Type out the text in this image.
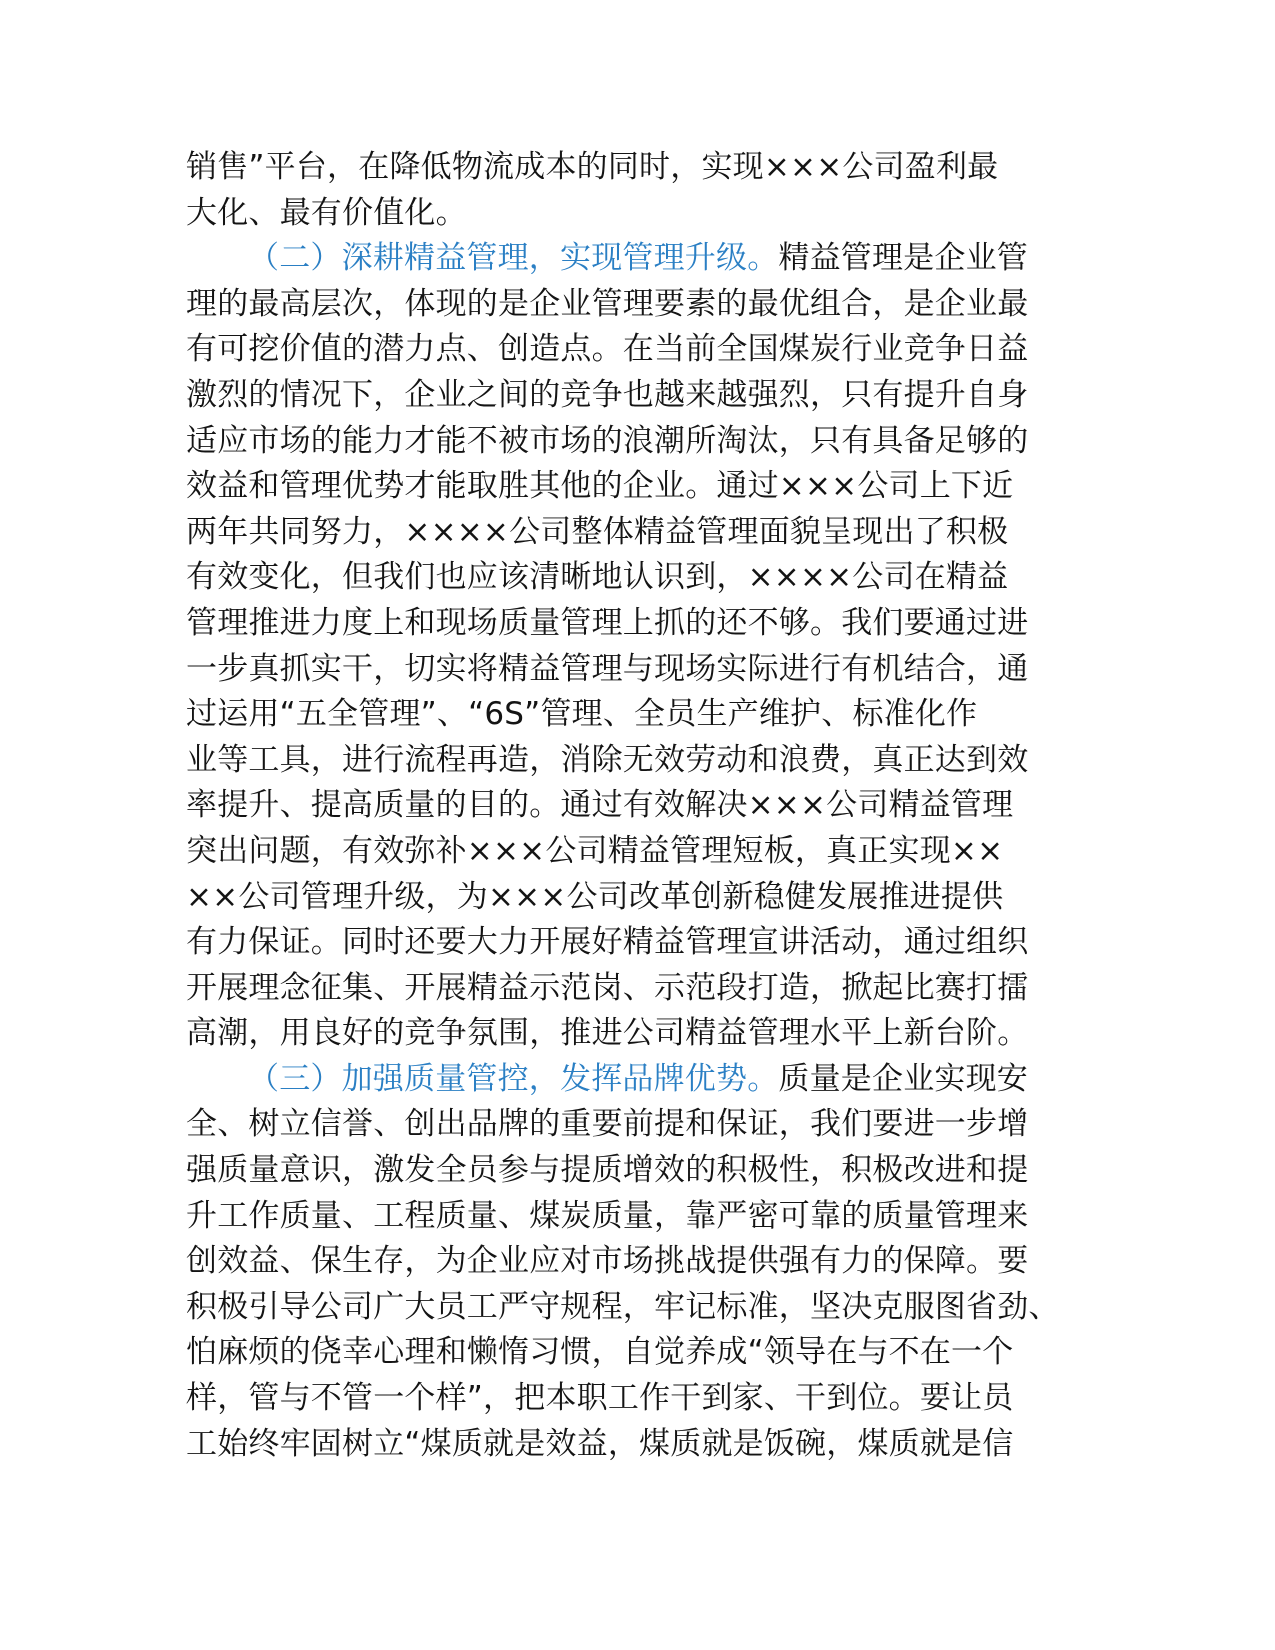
销售”平台，在降低物流成本的同时，实现×××公司盈利最
大化、最有价值化。
（二）深耕精益管理，实现管理升级。精益管理是企业管
理的最高层次，体现的是企业管理要素的最优组合，是企业最
有可挖价值的潜力点、创造点。在当前全国煤炭行业竞争日益
激烈的情况下，企业之间的竞争也越来越强烈，只有提升自身
适应市场的能力才能不被市场的浪潮所淘汰，只有具备足够的
效益和管理优势才能取胜其他的企业。通过×××公司上下近
两年共同努力，××××公司整体精益管理面貌呈现出了积极
有效变化，但我们也应该清晰地认识到，××××公司在精益
管理推进力度上和现场质量管理上抓的还不够。我们要通过进
一步真抓实干，切实将精益管理与现场实际进行有机结合，通
过运用“五全管理”、“6S”管理、全员生产维护、标准化作
业等工具，进行流程再造，消除无效劳动和浪费，真正达到效
率提升、提高质量的目的。通过有效解决×××公司精益管理
突出问题，有效弥补×××公司精益管理短板，真正实现××
××公司管理升级，为×××公司改革创新稳健发展推进提供
有力保证。同时还要大力开展好精益管理宣讲活动，通过组织
开展理念征集、开展精益示范岗、示范段打造，掀起比赛打擂
高潮，用良好的竞争氛围，推进公司精益管理水平上新台阶。
（三）加强质量管控，发挥品牌优势。质量是企业实现安
全、树立信誉、创出品牌的重要前提和保证，我们要进一步增
强质量意识，激发全员参与提质增效的积极性，积极改进和提
升工作质量、工程质量、煤炭质量，靠严密可靠的质量管理来
创效益、保生存，为企业应对市场挑战提供强有力的保障。要
积极引导公司广大员工严守规程，牢记标准，坚决克服图省劲、
怕麻烦的侥幸心理和懒惰习惯，自觉养成“领导在与不在一个
样，管与不管一个样”，把本职工作干到家、干到位。要让员
工始终牢固树立“煤质就是效益，煤质就是饭碗，煤质就是信
